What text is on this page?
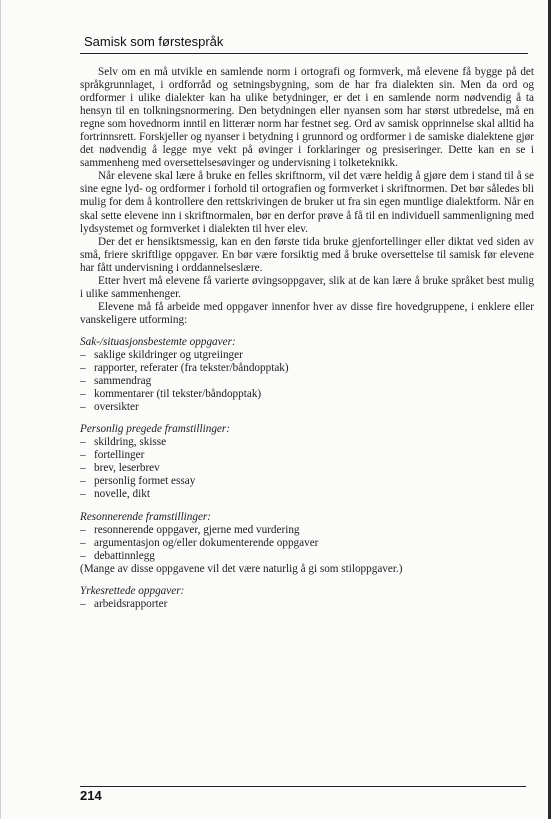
Samisk som førstespråk

Selv om en må utvikle en samlende norm i ortografi og formverk, må elevene få bygge på det språkgrunnlaget, i ordforråd og setningsbygning, som de har fra dialekten sin. Men da ord og ordformer i ulike dialekter kan ha ulike betydninger, er det i en samlende norm nødvendig å ta hensyn til en tolkningsnormering. Den betydningen eller nyansen som har størst utbredelse, må en regne som hovednorm inntil en litterær norm har festnet seg. Ord av samisk opprinnelse skal alltid ha fortrinnsrett. Forskjeller og nyanser i betydning i grunnord og ordformer i de samiske dialektene gjør det nødvendig å legge mye vekt på øvinger i forklaringer og presiseringer. Dette kan en se i sammenheng med oversettelsesøvinger og undervisning i tolketeknikk.

Når elevene skal lære å bruke en felles skriftnorm, vil det være heldig å gjøre dem i stand til å se sine egne lyd- og ordformer i forhold til ortografien og formverket i skriftnormen. Det bør således bli mulig for dem å kontrollere den rettskrivingen de bruker ut fra sin egen muntlige dialektform. Når en skal sette elevene inn i skriftnormalen, bør en derfor prøve å få til en individuell sammenligning med lydsystemet og formverket i dialekten til hver elev.

Der det er hensiktsmessig, kan en den første tida bruke gjenfortellinger eller diktat ved siden av små, friere skriftlige oppgaver. En bør være forsiktig med å bruke oversettelse til samisk før elevene har fått undervisning i orddannelseslære.

Etter hvert må elevene få varierte øvingsoppgaver, slik at de kan lære å bruke språket best mulig i ulike sammenhenger.

Elevene må få arbeide med oppgaver innenfor hver av disse fire hovedgruppene, i enklere eller vanskeligere utforming:

Sak-/situasjonsbestemte oppgaver:
– saklige skildringer og utgreiinger
– rapporter, referater (fra tekster/båndopptak)
– sammendrag
– kommentarer (til tekster/båndopptak)
– oversikter
Personlig pregede framstillinger:
– skildring, skisse
– fortellinger
– brev, leserbrev
– personlig formet essay
– novelle, dikt
Resonnerende framstillinger:
– resonnerende oppgaver, gjerne med vurdering
– argumentasjon og/eller dokumenterende oppgaver
– debattinnlegg

(Mange av disse oppgavene vil det være naturlig å gi som stiloppgaver.)

Yrkesrettede oppgaver:
– arbeidsrapporter
214
